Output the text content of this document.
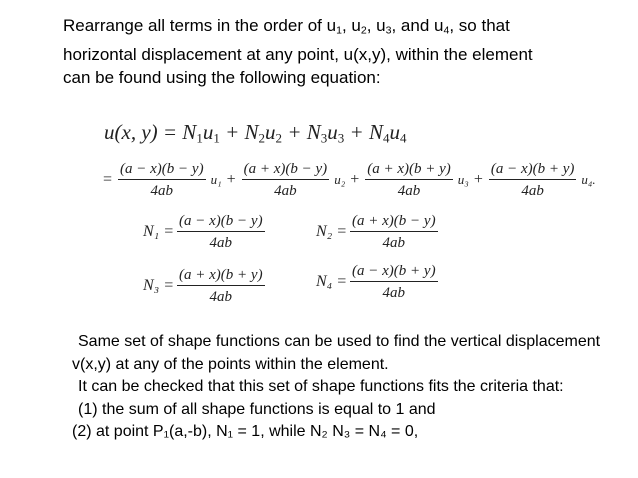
Rearrange all terms in the order of $u_1$, $u_2$, $u_3$, and $u_4$, so that
horizontal displacement at any point, u(x,y), within the element
can be found using the following equation:
u(x, $y) = N_1u_1 + N_2u_2 + N_3u_3 + N_4u_4$
= $\frac{(a - x)(b - y)}{4ab} u_1 + \frac{(a + x)(b - y)}{4ab} u_2 + \frac{(a + x)(b + y)}{4ab} u_3 + \frac{(a - x)(b + y)}{4ab} u_4$.
$N_1 = \frac{(a - x)(b - y)}{4ab}$	$N_2 = \frac{(a + x)(b - y)}{4ab}$
$N_3 = \frac{(a + x)(b + y)}{4ab}$	$N_4 = \frac{(a - x)(b + y)}{4ab}$
Same set of shape functions can be used to find the vertical displacement
v(x,y) at any of the points within the element.
It can be checked that this set of shape functions fits the criteria that:
(1) the sum of all shape functions is equal to 1 and
(2) at point P₁(a,-b), N₁ = 1, while N₂ N₃ = N₄ = 0,
